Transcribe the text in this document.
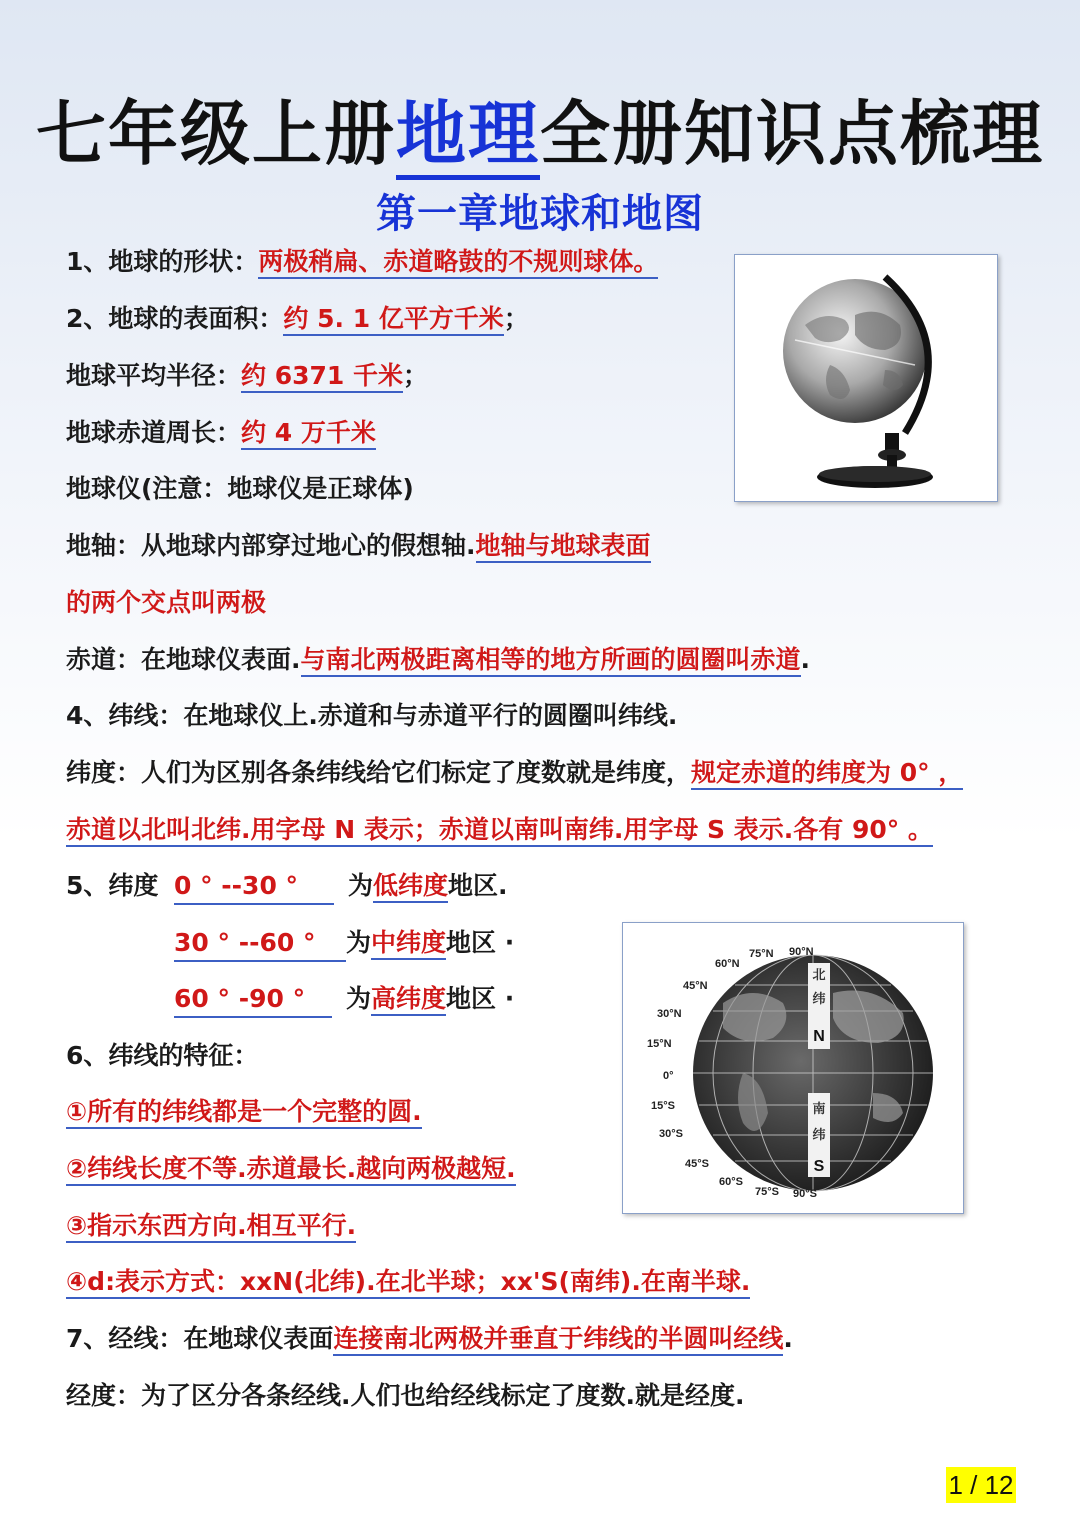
七年级上册地理全册知识点梳理
第一章地球和地图
1、地球的形状：两极稍扁、赤道略鼓的不规则球体。
2、地球的表面积：约 5. 1 亿平方千米；
地球平均半径：约 6371 千米；
地球赤道周长：约 4 万千米
地球仪(注意：地球仪是正球体)
地轴：从地球内部穿过地心的假想轴.地轴与地球表面
的两个交点叫两极
赤道：在地球仪表面.与南北两极距离相等的地方所画的圆圈叫赤道.
4、纬线：在地球仪上.赤道和与赤道平行的圆圈叫纬线.
纬度：人们为区别各条纬线给它们标定了度数就是纬度，规定赤道的纬度为 0° ，
赤道以北叫北纬.用字母 N 表示；赤道以南叫南纬.用字母 S 表示.各有 90° 。
5、纬度 0 ° --30 ° 为低纬度地区.
30 ° --60 ° 为中纬度地区 ·
60 ° -90 ° 为高纬度地区 ·
6、纬线的特征：
①所有的纬线都是一个完整的圆.
②纬线长度不等.赤道最长.越向两极越短.
③指示东西方向.相互平行.
④d:表示方式：xxN(北纬).在北半球；xx'S(南纬).在南半球.
7、经线：在地球仪表面连接南北两极并垂直于纬线的半圆叫经线.
经度：为了区分各条经线.人们也给经线标定了度数.就是经度.
北
纬
N
南
纬
S
60°N
75°N 90°N
45°N
30°N
15°N
0°
15°S
30°S
45°S
60°S
75°S 90°S
1 / 12
